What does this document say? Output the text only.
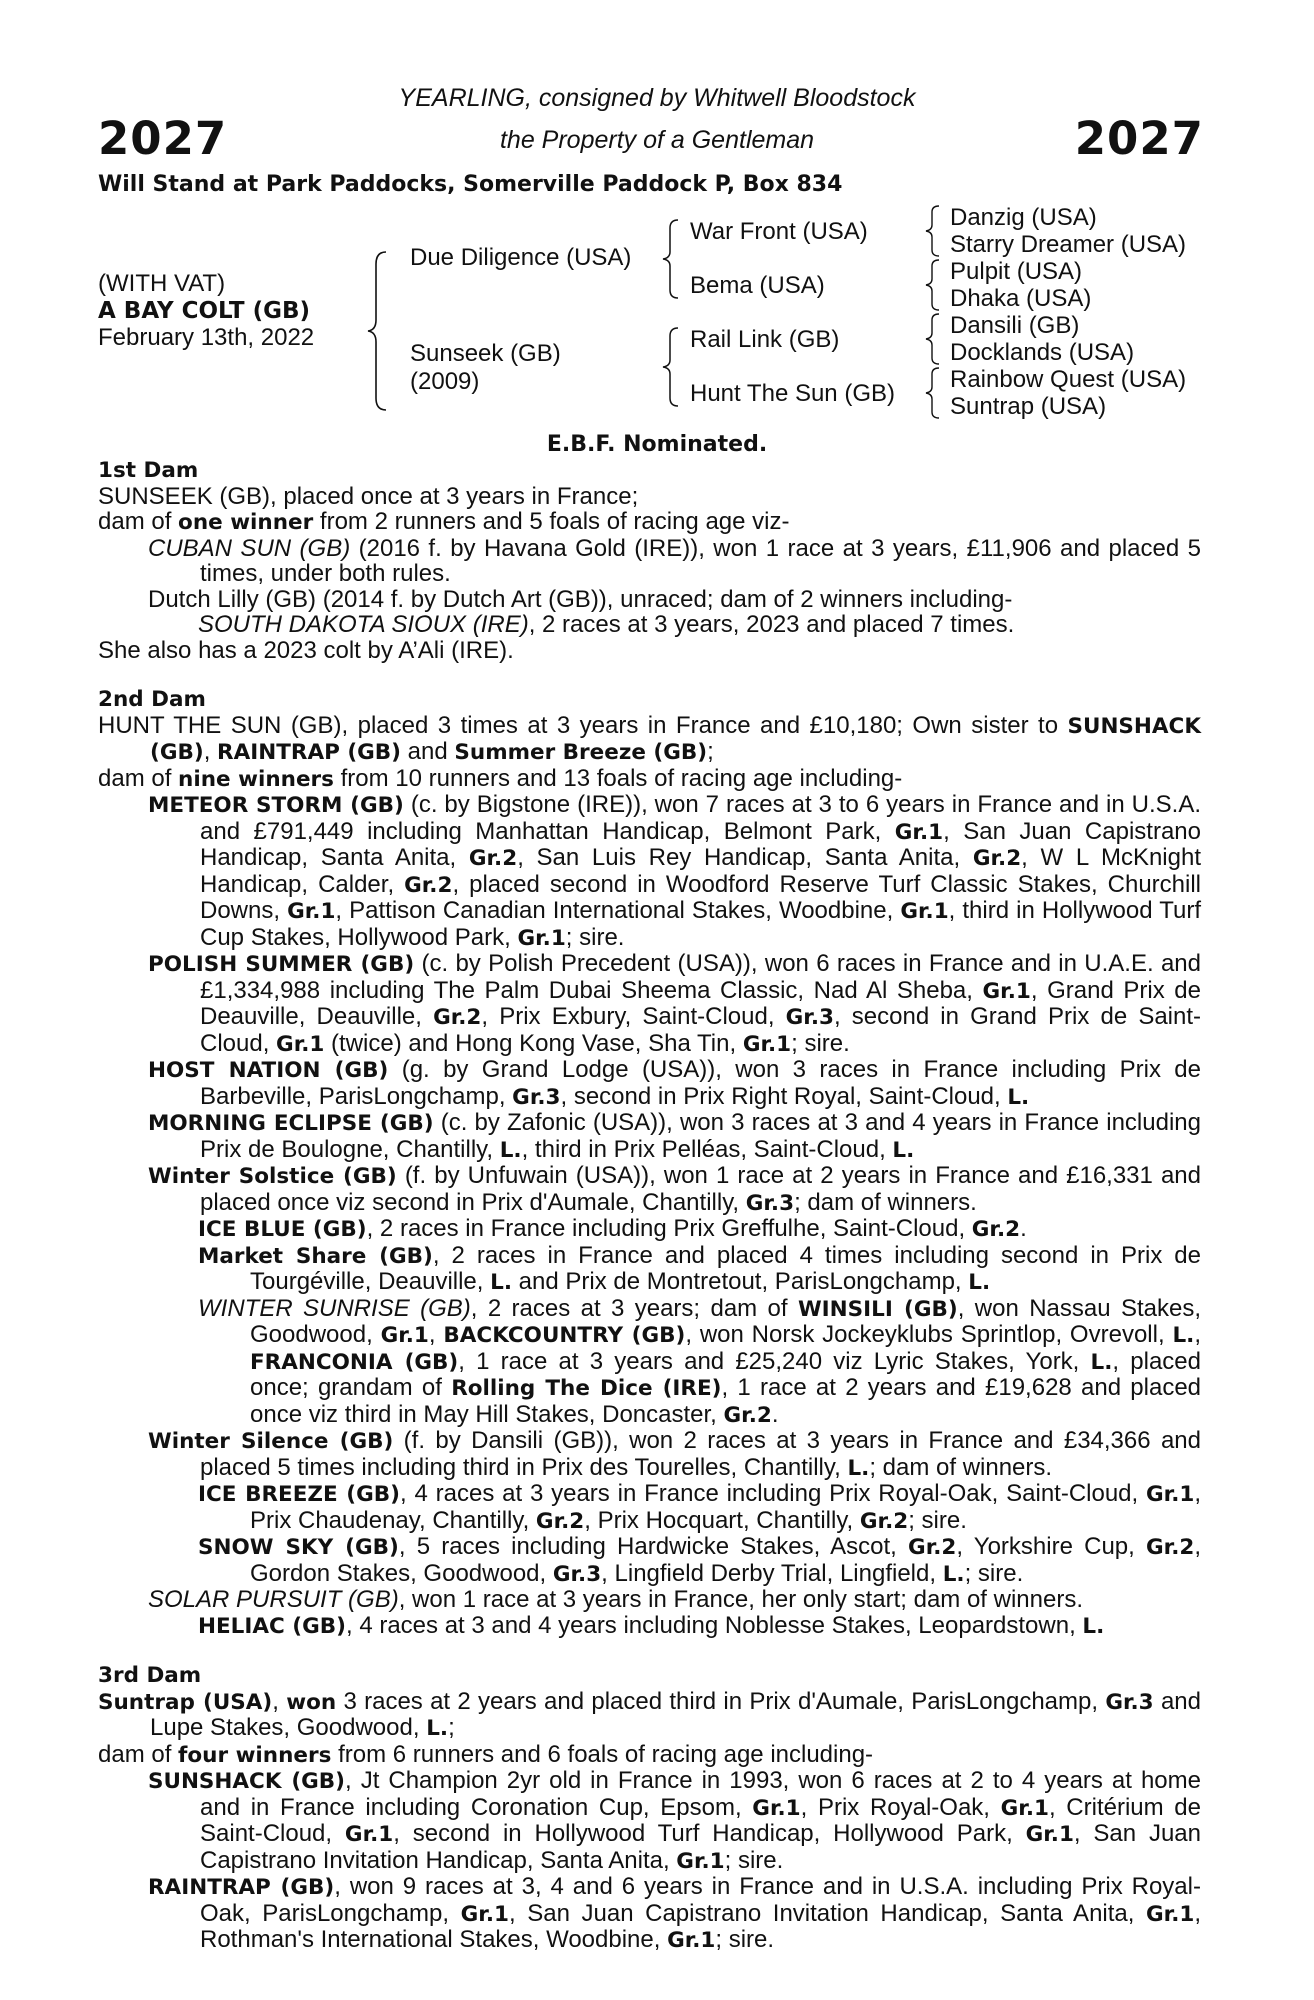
2027	2027
YEARLING, consigned by Whitwell Bloodstock
the Property of a Gentleman
Will Stand at Park Paddocks, Somerville Paddock P, Box 834
(WITH VAT)
A BAY COLT (GB)
February 13th, 2022
Due Diligence (USA)
Sunseek (GB)
(2009)
War Front (USA)
Bema (USA)
Rail Link (GB)
Hunt The Sun (GB)
Danzig (USA)
Starry Dreamer (USA)
Pulpit (USA)
Dhaka (USA)
Dansili (GB)
Docklands (USA)
Rainbow Quest (USA)
Suntrap (USA)
E.B.F. Nominated.

1st Dam

SUNSEEK (GB), placed once at 3 years in France;

dam of one winner from 2 runners and 5 foals of racing age viz-

CUBAN SUN (GB) (2016 f. by Havana Gold (IRE)), won 1 race at 3 years, £11,906 and placed 5 times, under both rules.

Dutch Lilly (GB) (2014 f. by Dutch Art (GB)), unraced; dam of 2 winners including-

SOUTH DAKOTA SIOUX (IRE), 2 races at 3 years, 2023 and placed 7 times.

She also has a 2023 colt by A’Ali (IRE).

2nd Dam

HUNT THE SUN (GB), placed 3 times at 3 years in France and £10,180; Own sister to SUNSHACK (GB), RAINTRAP (GB) and Summer Breeze (GB);

dam of nine winners from 10 runners and 13 foals of racing age including-

METEOR STORM (GB) (c. by Bigstone (IRE)), won 7 races at 3 to 6 years in France and in U.S.A. and £791,449 including Manhattan Handicap, Belmont Park, Gr.1, San Juan Capistrano Handicap, Santa Anita, Gr.2, San Luis Rey Handicap, Santa Anita, Gr.2, W L McKnight Handicap, Calder, Gr.2, placed second in Woodford Reserve Turf Classic Stakes, Churchill Downs, Gr.1, Pattison Canadian International Stakes, Woodbine, Gr.1, third in Hollywood Turf Cup Stakes, Hollywood Park, Gr.1; sire.

POLISH SUMMER (GB) (c. by Polish Precedent (USA)), won 6 races in France and in U.A.E. and £1,334,988 including The Palm Dubai Sheema Classic, Nad Al Sheba, Gr.1, Grand Prix de Deauville, Deauville, Gr.2, Prix Exbury, Saint-Cloud, Gr.3, second in Grand Prix de Saint-Cloud, Gr.1 (twice) and Hong Kong Vase, Sha Tin, Gr.1; sire.

HOST NATION (GB) (g. by Grand Lodge (USA)), won 3 races in France including Prix de Barbeville, ParisLongchamp, Gr.3, second in Prix Right Royal, Saint-Cloud, L.

MORNING ECLIPSE (GB) (c. by Zafonic (USA)), won 3 races at 3 and 4 years in France including Prix de Boulogne, Chantilly, L., third in Prix Pelléas, Saint-Cloud, L.

Winter Solstice (GB) (f. by Unfuwain (USA)), won 1 race at 2 years in France and £16,331 and placed once viz second in Prix d'Aumale, Chantilly, Gr.3; dam of winners.

ICE BLUE (GB), 2 races in France including Prix Greffulhe, Saint-Cloud, Gr.2.

Market Share (GB), 2 races in France and placed 4 times including second in Prix de Tourgéville, Deauville, L. and Prix de Montretout, ParisLongchamp, L.

WINTER SUNRISE (GB), 2 races at 3 years; dam of WINSILI (GB), won Nassau Stakes, Goodwood, Gr.1, BACKCOUNTRY (GB), won Norsk Jockeyklubs Sprintlop, Ovrevoll, L., FRANCONIA (GB), 1 race at 3 years and £25,240 viz Lyric Stakes, York, L., placed once; grandam of Rolling The Dice (IRE), 1 race at 2 years and £19,628 and placed once viz third in May Hill Stakes, Doncaster, Gr.2.

Winter Silence (GB) (f. by Dansili (GB)), won 2 races at 3 years in France and £34,366 and placed 5 times including third in Prix des Tourelles, Chantilly, L.; dam of winners.

ICE BREEZE (GB), 4 races at 3 years in France including Prix Royal-Oak, Saint-Cloud, Gr.1, Prix Chaudenay, Chantilly, Gr.2, Prix Hocquart, Chantilly, Gr.2; sire.

SNOW SKY (GB), 5 races including Hardwicke Stakes, Ascot, Gr.2, Yorkshire Cup, Gr.2, Gordon Stakes, Goodwood, Gr.3, Lingfield Derby Trial, Lingfield, L.; sire.

SOLAR PURSUIT (GB), won 1 race at 3 years in France, her only start; dam of winners.

HELIAC (GB), 4 races at 3 and 4 years including Noblesse Stakes, Leopardstown, L.

3rd Dam

Suntrap (USA), won 3 races at 2 years and placed third in Prix d'Aumale, ParisLongchamp, Gr.3 and Lupe Stakes, Goodwood, L.;

dam of four winners from 6 runners and 6 foals of racing age including-

SUNSHACK (GB), Jt Champion 2yr old in France in 1993, won 6 races at 2 to 4 years at home and in France including Coronation Cup, Epsom, Gr.1, Prix Royal-Oak, Gr.1, Critérium de Saint-Cloud, Gr.1, second in Hollywood Turf Handicap, Hollywood Park, Gr.1, San Juan Capistrano Invitation Handicap, Santa Anita, Gr.1; sire.

RAINTRAP (GB), won 9 races at 3, 4 and 6 years in France and in U.S.A. including Prix Royal-Oak, ParisLongchamp, Gr.1, San Juan Capistrano Invitation Handicap, Santa Anita, Gr.1, Rothman's International Stakes, Woodbine, Gr.1; sire.
